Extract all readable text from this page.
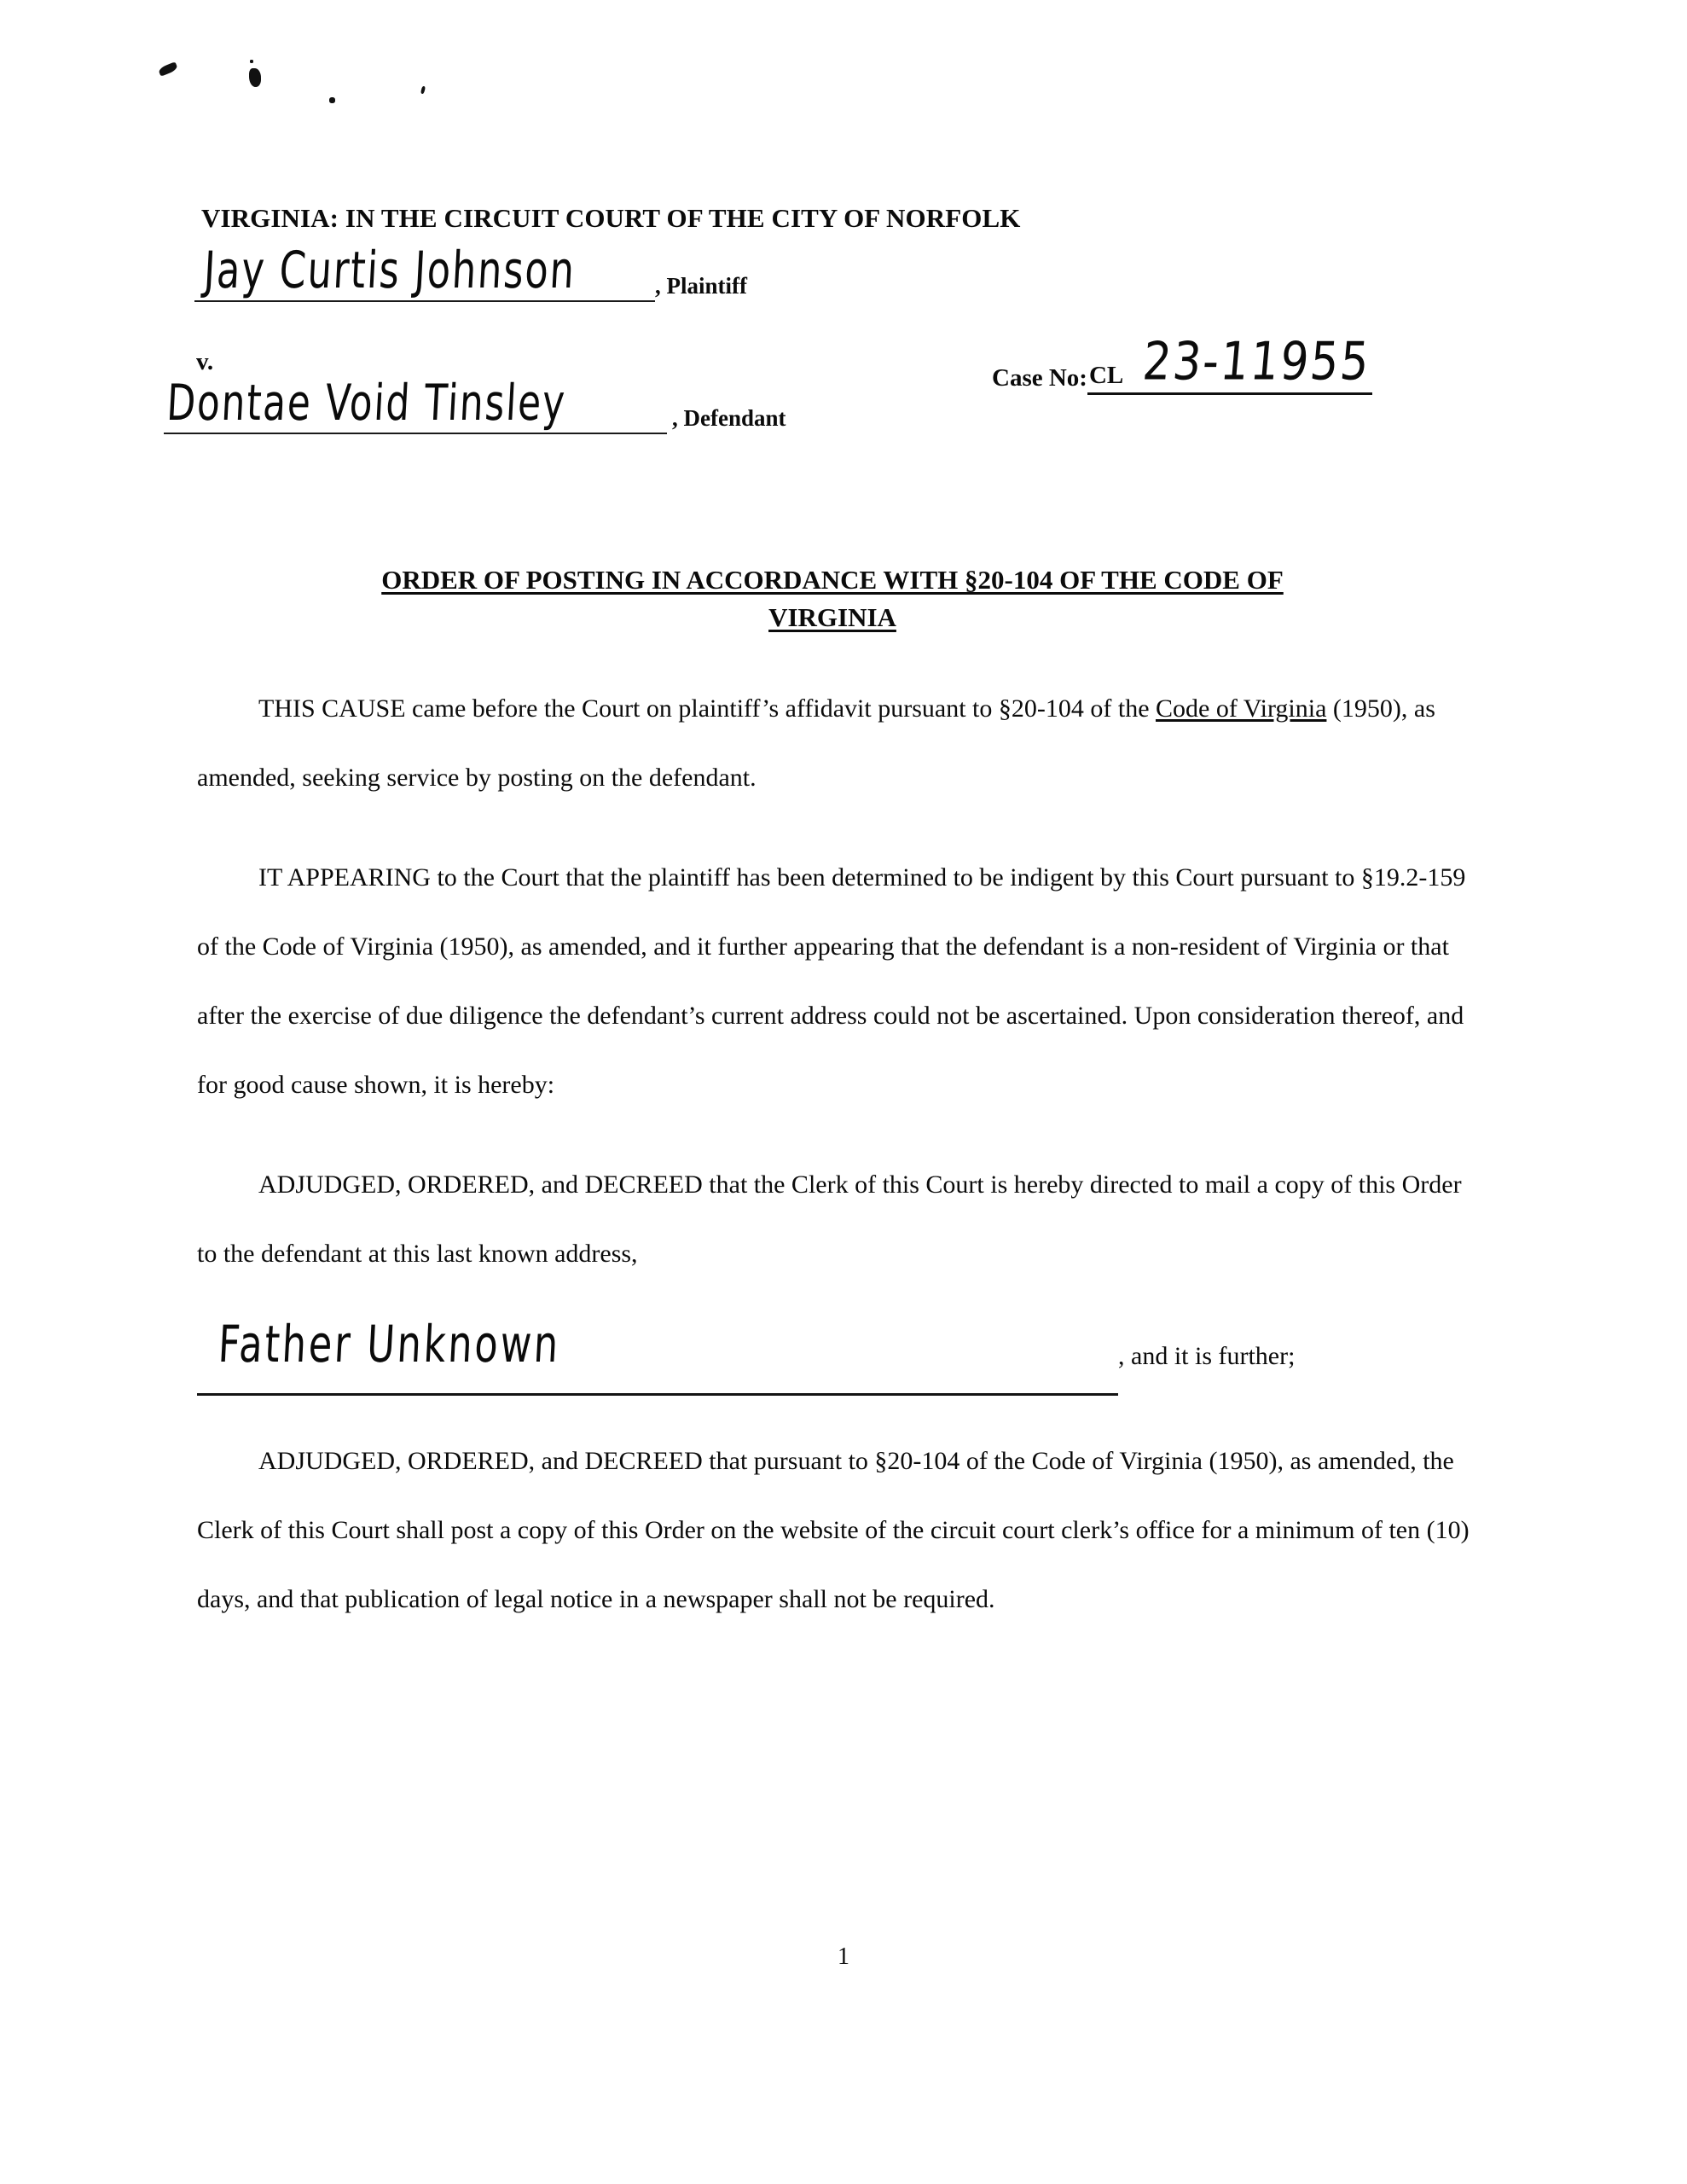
VIRGINIA: IN THE CIRCUIT COURT OF THE CITY OF NORFOLK
Jay Curtis Johnson	, Plaintiff
v.
Case No: CL 23-11955
Dontae Void Tinsley	, Defendant
ORDER OF POSTING IN ACCORDANCE WITH §20-104 OF THE CODE OF
VIRGINIA

THIS CAUSE came before the Court on plaintiff’s affidavit pursuant to §20-104 of the Code of Virginia (1950), as amended, seeking service by posting on the defendant.

IT APPEARING to the Court that the plaintiff has been determined to be indigent by this Court pursuant to §19.2-159 of the Code of Virginia (1950), as amended, and it further appearing that the defendant is a non-resident of Virginia or that after the exercise of due diligence the defendant’s current address could not be ascertained. Upon consideration thereof, and for good cause shown, it is hereby:

ADJUDGED, ORDERED, and DECREED that the Clerk of this Court is hereby directed to mail a copy of this Order to the defendant at this last known address,

Father Unknown	, and it is further;

ADJUDGED, ORDERED, and DECREED that pursuant to §20-104 of the Code of Virginia (1950), as amended, the Clerk of this Court shall post a copy of this Order on the website of the circuit court clerk’s office for a minimum of ten (10) days, and that publication of legal notice in a newspaper shall not be required.

1
